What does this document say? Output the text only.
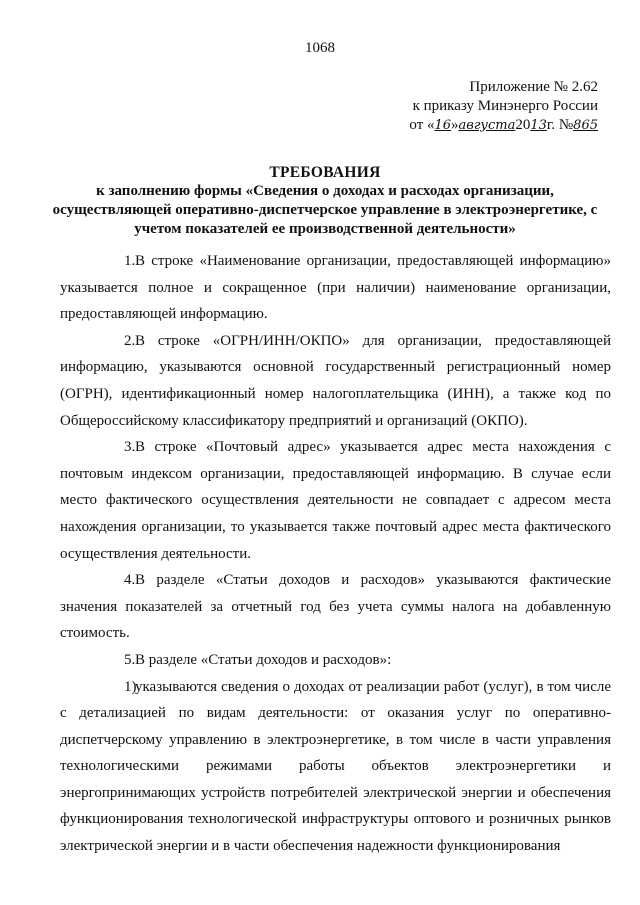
1068
Приложение № 2.62
к приказу Минэнерго России
от «16»августа2013г. №865
ТРЕБОВАНИЯ
к заполнению формы «Сведения о доходах и расходах организации,
осуществляющей оперативно-диспетчерское управление в электроэнергетике, с
учетом показателей ее производственной деятельности»

1.В строке «Наименование организации, предоставляющей информацию» указывается полное и сокращенное (при наличии) наименование организации, предоставляющей информацию.

2.В строке «ОГРН/ИНН/ОКПО» для организации, предоставляющей информацию, указываются основной государственный регистрационный номер (ОГРН), идентификационный номер налогоплательщика (ИНН), а также код по Общероссийскому классификатору предприятий и организаций (ОКПО).

3.В строке «Почтовый адрес» указывается адрес места нахождения с почтовым индексом организации, предоставляющей информацию. В случае если место фактического осуществления деятельности не совпадает с адресом места нахождения организации, то указывается также почтовый адрес места фактического осуществления деятельности.

4.В разделе «Статьи доходов и расходов» указываются фактические значения показателей за отчетный год без учета суммы налога на добавленную стоимость.

5.В разделе «Статьи доходов и расходов»:

1)указываются сведения о доходах от реализации работ (услуг), в том числе с детализацией по видам деятельности: от оказания услуг по оперативно-диспетчерскому управлению в электроэнергетике, в том числе в части управления технологическими режимами работы объектов электроэнергетики и энергопринимающих устройств потребителей электрической энергии и обеспечения функционирования технологической инфраструктуры оптового и розничных рынков электрической энергии и в части обеспечения надежности функционирования
